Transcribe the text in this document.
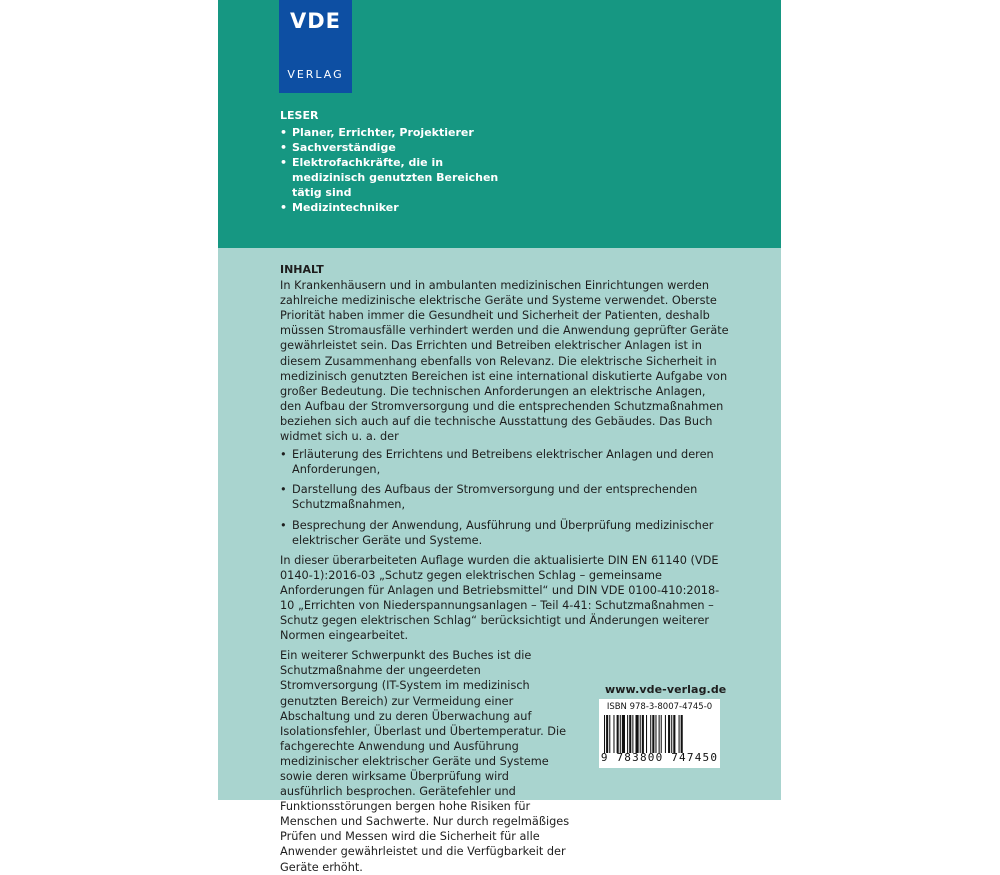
VDE
VERLAG
LESER
• Planer, Errichter, Projektierer
• Sachverständige
• Elektrofachkräfte, die in medizinisch genutzten Bereichen tätig sind
• Medizintechniker
INHALT

In Krankenhäusern und in ambulanten medizinischen Einrichtungen werden zahlreiche medizinische elektrische Geräte und Systeme verwendet. Oberste Priorität haben immer die Gesundheit und Sicherheit der Patienten, deshalb müssen Stromausfälle verhindert werden und die Anwendung geprüfter Geräte gewährleistet sein. Das Errichten und Betreiben elektrischer Anlagen ist in diesem Zusammenhang ebenfalls von Relevanz. Die elektrische Sicherheit in medizinisch genutzten Bereichen ist eine international diskutierte Aufgabe von großer Bedeutung. Die technischen Anforderungen an elektrische Anlagen, den Aufbau der Stromversorgung und die entsprechenden Schutzmaßnahmen beziehen sich auch auf die technische Ausstattung des Gebäudes. Das Buch widmet sich u. a. der

• Erläuterung des Errichtens und Betreibens elektrischer Anlagen und deren Anforderungen,
• Darstellung des Aufbaus der Stromversorgung und der entsprechenden Schutzmaßnahmen,
• Besprechung der Anwendung, Ausführung und Überprüfung medizinischer elektrischer Geräte und Systeme.

In dieser überarbeiteten Auflage wurden die aktualisierte DIN EN 61140 (VDE 0140-1):2016-03 „Schutz gegen elektrischen Schlag – gemeinsame Anforderungen für Anlagen und Betriebsmittel“ und DIN VDE 0100-410:2018-10 „Errichten von Niederspannungsanlagen – Teil 4-41: Schutzmaßnahmen – Schutz gegen elektrischen Schlag“ berücksichtigt und Änderungen weiterer Normen eingearbeitet.

Ein weiterer Schwerpunkt des Buches ist die Schutzmaßnahme der ungeerdeten Stromversorgung (IT-System im medizinisch genutzten Bereich) zur Vermeidung einer Abschaltung und zu deren Überwachung auf Isolationsfehler, Überlast und Übertemperatur. Die fachgerechte Anwendung und Ausführung medizinischer elektrischer Geräte und Systeme sowie deren wirksame Überprüfung wird ausführlich besprochen. Gerätefehler und Funktionsstörungen bergen hohe Risiken für Menschen und Sachwerte. Nur durch regelmäßiges Prüfen und Messen wird die Sicherheit für alle Anwender gewährleistet und die Verfügbarkeit der Geräte erhöht.

www.vde-verlag.de
ISBN 978-3-8007-4745-0
9 783800 747450
